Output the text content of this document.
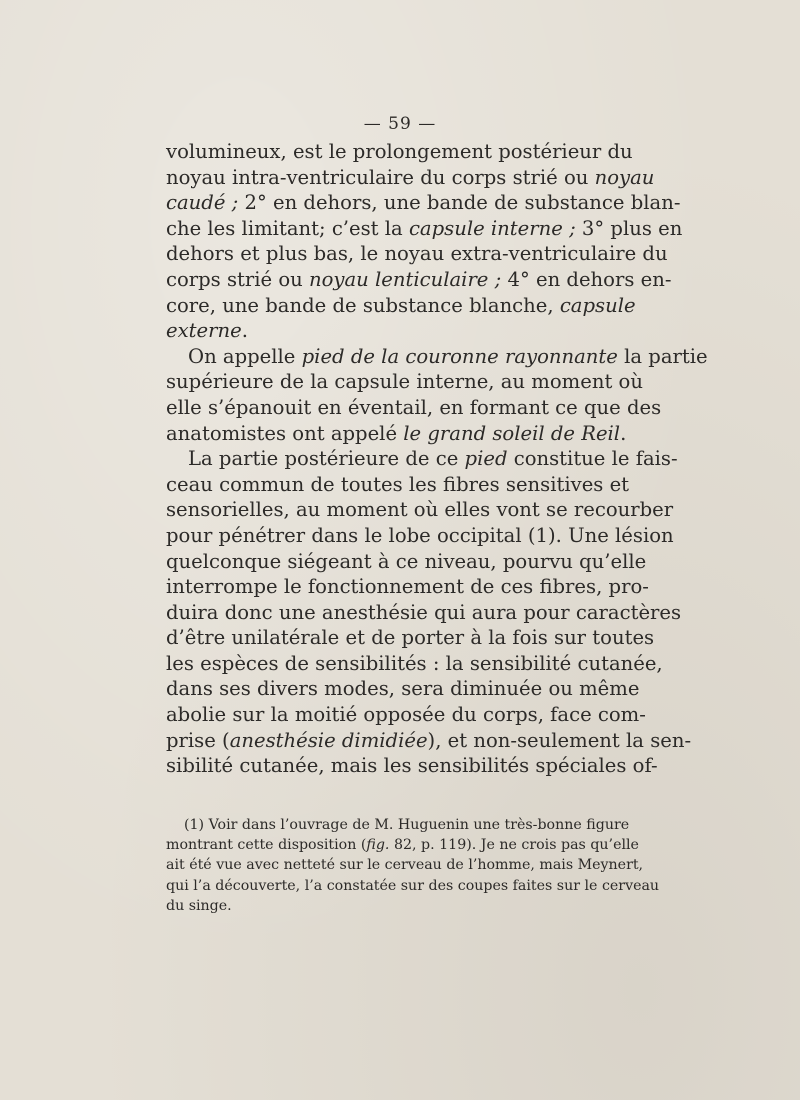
— 59 —
volumineux, est le prolongement postérieur du
noyau intra-ventriculaire du corps strié ou noyau
caudé ; 2° en dehors, une bande de substance blan-
che les limitant; c’est la capsule interne ; 3° plus en
dehors et plus bas, le noyau extra-ventriculaire du
corps strié ou noyau lenticulaire ; 4° en dehors en-
core, une bande de substance blanche, capsule
externe.
On appelle pied de la couronne rayonnante la partie
supérieure de la capsule interne, au moment où
elle s’épanouit en éventail, en formant ce que des
anatomistes ont appelé le grand soleil de Reil.
La partie postérieure de ce pied constitue le fais-
ceau commun de toutes les fibres sensitives et
sensorielles, au moment où elles vont se recourber
pour pénétrer dans le lobe occipital (1). Une lésion
quelconque siégeant à ce niveau, pourvu qu’elle
interrompe le fonctionnement de ces fibres, pro-
duira donc une anesthésie qui aura pour caractères
d’être unilatérale et de porter à la fois sur toutes
les espèces de sensibilités : la sensibilité cutanée,
dans ses divers modes, sera diminuée ou même
abolie sur la moitié opposée du corps, face com-
prise (anesthésie dimidiée), et non-seulement la sen-
sibilité cutanée, mais les sensibilités spéciales of-
(1) Voir dans l’ouvrage de M. Huguenin une très-bonne figure
montrant cette disposition (fig. 82, p. 119). Je ne crois pas qu’elle
ait été vue avec netteté sur le cerveau de l’homme, mais Meynert,
qui l’a découverte, l’a constatée sur des coupes faites sur le cerveau
du singe.
